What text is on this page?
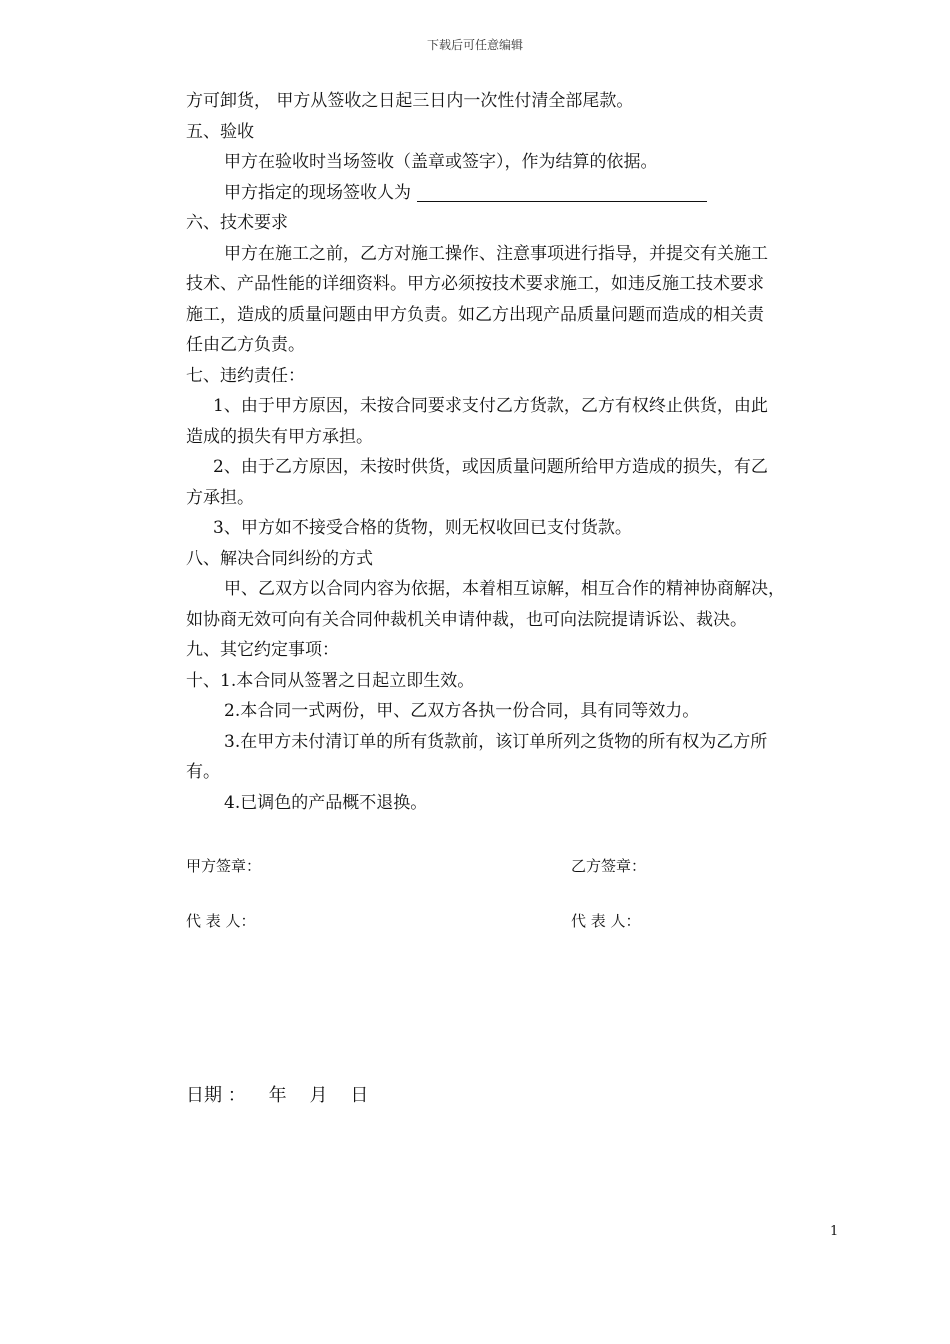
下载后可任意编辑
方可卸货， 甲方从签收之日起三日内一次性付清全部尾款。
五、验收
甲方在验收时当场签收（盖章或签字），作为结算的依据。
甲方指定的现场签收人为
六、技术要求
甲方在施工之前，乙方对施工操作、注意事项进行指导，并提交有关施工
技术、产品性能的详细资料。甲方必须按技术要求施工，如违反施工技术要求
施工，造成的质量问题由甲方负责。如乙方出现产品质量问题而造成的相关责
任由乙方负责。
七、违约责任：
1、由于甲方原因，未按合同要求支付乙方货款，乙方有权终止供货，由此
造成的损失有甲方承担。
2、由于乙方原因，未按时供货，或因质量问题所给甲方造成的损失，有乙
方承担。
3、甲方如不接受合格的货物，则无权收回已支付货款。
八、解决合同纠纷的方式
甲、乙双方以合同内容为依据，本着相互谅解，相互合作的精神协商解决，
如协商无效可向有关合同仲裁机关申请仲裁，也可向法院提请诉讼、裁决。
九、其它约定事项：
十、1.本合同从签署之日起立即生效。
2.本合同一式两份，甲、乙双方各执一份合同，具有同等效力。
3.在甲方未付清订单的所有货款前，该订单所列之货物的所有权为乙方所
有。
4.已调色的产品概不退换。
甲方签章：	乙方签章：
代 表 人：	代 表 人：
日期 ：    年    月    日
1
